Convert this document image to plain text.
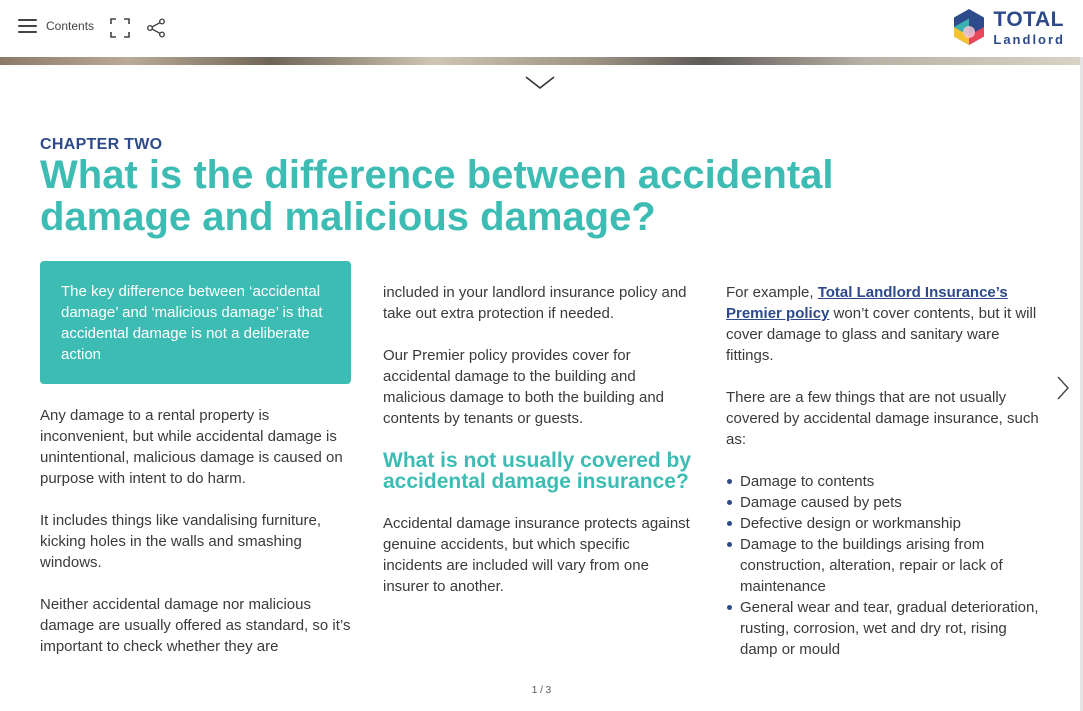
Contents	TOTAL
Landlord
CHAPTER TWO
What is the difference between accidental damage and malicious damage?
The key difference between ‘accidental damage’ and ‘malicious damage’ is that accidental damage is not a deliberate action

Any damage to a rental property is inconvenient, but while accidental damage is unintentional, malicious damage is caused on purpose with intent to do harm.

It includes things like vandalising furniture, kicking holes in the walls and smashing windows.

Neither accidental damage nor malicious damage are usually offered as standard, so it’s important to check whether they are

included in your landlord insurance policy and take out extra protection if needed.

Our Premier policy provides cover for accidental damage to the building and malicious damage to both the building and contents by tenants or guests.

What is not usually covered by accidental damage insurance?

Accidental damage insurance protects against genuine accidents, but which specific incidents are included will vary from one insurer to another.

For example, Total Landlord Insurance’s Premier policy won’t cover contents, but it will cover damage to glass and sanitary ware fittings.

There are a few things that are not usually covered by accidental damage insurance, such as:

Damage to contents
Damage caused by pets
Defective design or workmanship
Damage to the buildings arising from construction, alteration, repair or lack of maintenance
General wear and tear, gradual deterioration, rusting, corrosion, wet and dry rot, rising damp or mould
1 / 3
